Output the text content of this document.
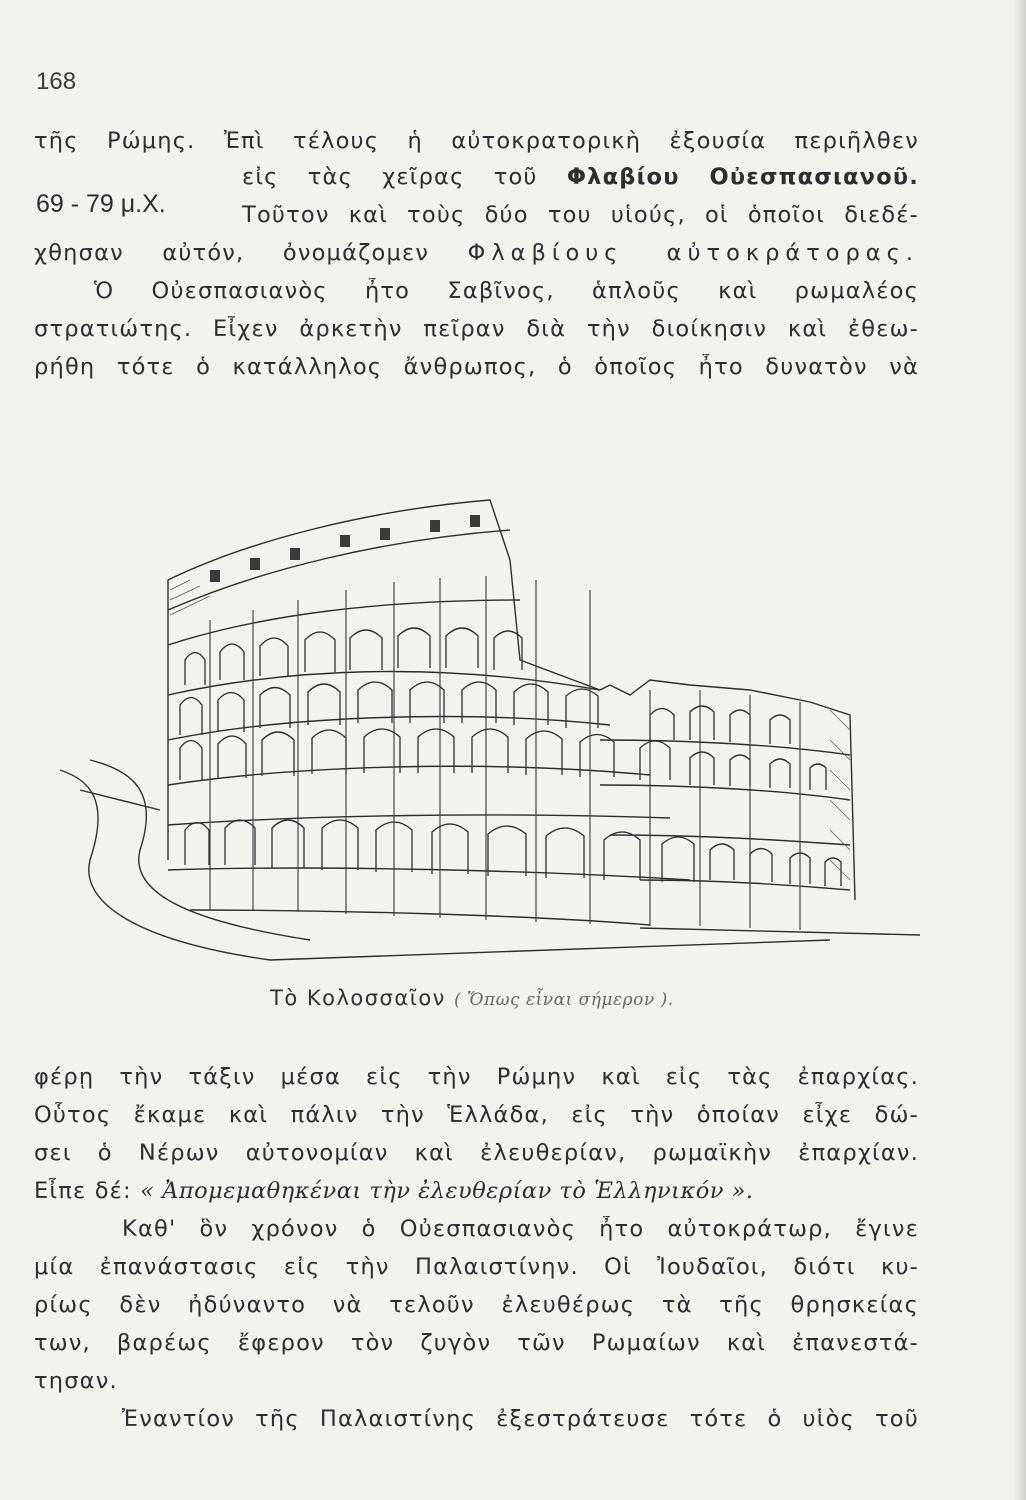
168
69 - 79 μ.Χ.
τῆς Ρώμης. Ἐπὶ τέλους ἡ αὐτοκρατορικὴ ἐξουσία περιῆλθεν
εἰς τὰς χεῖρας τοῦ Φλαβίου Οὐεσπασιανοῦ.
Τοῦτον καὶ τοὺς δύο του υἱούς, οἱ ὁποῖοι διεδέ-
χθησαν αὐτόν, ὀνομάζομεν Φλαβίους αὐτοκράτορας.
Ὁ Οὐεσπασιανὸς ἦτο Σαβῖνος, ἁπλοῦς καὶ ρωμαλέος
στρατιώτης. Εἶχεν ἀρκετὴν πεῖραν διὰ τὴν διοίκησιν καὶ ἐθεω-
ρήθη τότε ὁ κατάλληλος ἄνθρωπος, ὁ ὁποῖος ἦτο δυνατὸν νὰ
Τὸ Κολοσσαῖον ( Ὅπως εἶναι σήμερον ).
φέρῃ τὴν τάξιν μέσα εἰς τὴν Ρώμην καὶ εἰς τὰς ἐπαρχίας.
Οὗτος ἔκαμε καὶ πάλιν τὴν Ἑλλάδα, εἰς τὴν ὁποίαν εἶχε δώ-
σει ὁ Νέρων αὐτονομίαν καὶ ἐλευθερίαν, ρωμαϊκὴν ἐπαρχίαν.
Εἶπε δέ: « Ἀπομεμαθηκέναι τὴν ἐλευθερίαν τὸ Ἑλληνικόν ».
Καθ' ὃν χρόνον ὁ Οὐεσπασιανὸς ἦτο αὐτοκράτωρ, ἔγινε
μία ἐπανάστασις εἰς τὴν Παλαιστίνην. Οἱ Ἰουδαῖοι, διότι κυ-
ρίως δὲν ἠδύναντο νὰ τελοῦν ἐλευθέρως τὰ τῆς θρησκείας
των, βαρέως ἔφερον τὸν ζυγὸν τῶν Ρωμαίων καὶ ἐπανεστά-
τησαν.
Ἐναντίον τῆς Παλαιστίνης ἐξεστράτευσε τότε ὁ υἱὸς τοῦ
